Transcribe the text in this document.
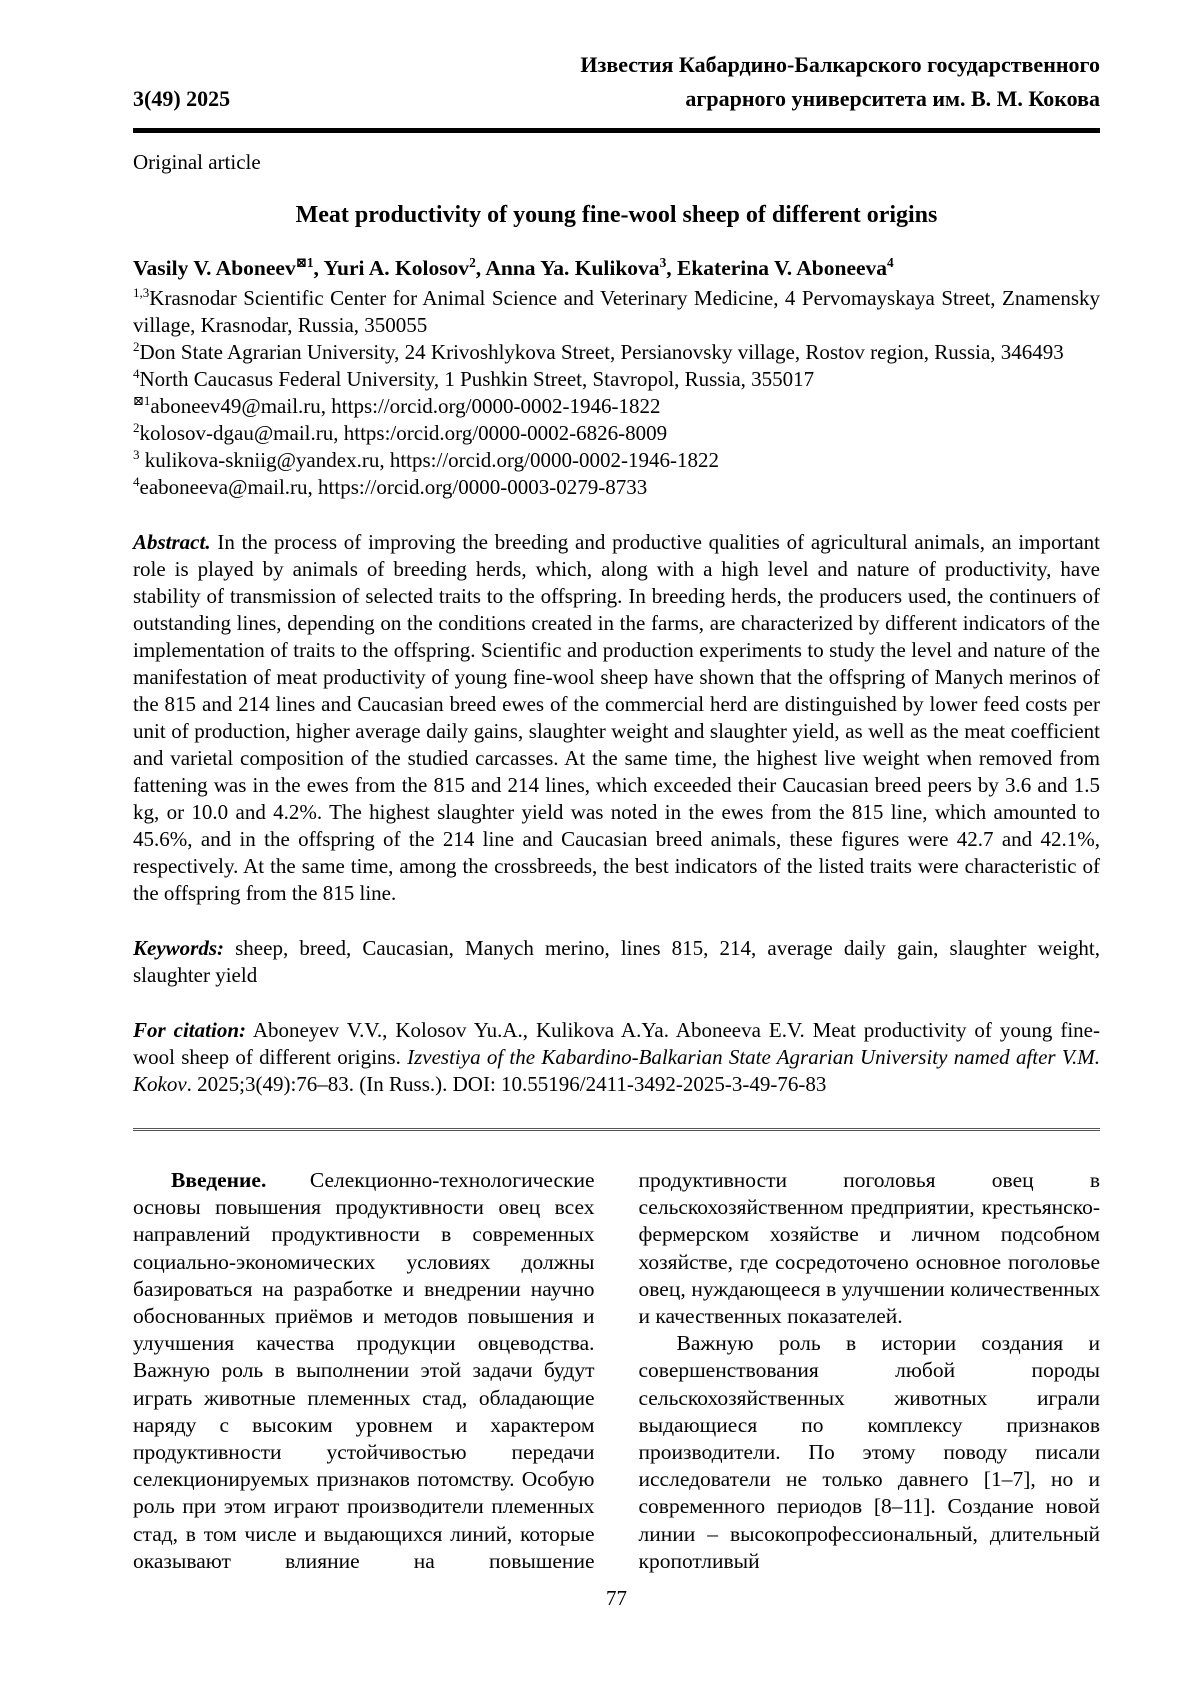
3(49) 2025
Известия Кабардино-Балкарского государственного
аграрного университета им. В. М. Кокова
Original article
Meat productivity of young fine-wool sheep of different origins

Vasily V. Aboneev$^{⊠1}$, Yuri A. Kolosov$^2$, Anna Ya. Kulikova$^3$, Ekaterina V. Aboneeva$^4$

$^{1,3}$Krasnodar Scientific Center for Animal Science and Veterinary Medicine, 4 Pervomayskaya Street, Znamensky village, Krasnodar, Russia, 350055

$^2$Don State Agrarian University, 24 Krivoshlykova Street, Persianovsky village, Rostov region, Russia, 346493

$^4$North Caucasus Federal University, 1 Pushkin Street, Stavropol, Russia, 355017

$^{⊠1}$aboneev49@mail.ru, https://orcid.org/0000-0002-1946-1822

$^2$kolosov-dgau@mail.ru, https:/orcid.org/0000-0002-6826-8009

$^3$ kulikova-skniig@yandex.ru, https://orcid.org/0000-0002-1946-1822

$^4$eaboneeva@mail.ru, https://orcid.org/0000-0003-0279-8733

Abstract. In the process of improving the breeding and productive qualities of agricultural animals, an important role is played by animals of breeding herds, which, along with a high level and nature of productivity, have stability of transmission of selected traits to the offspring. In breeding herds, the producers used, the continuers of outstanding lines, depending on the conditions created in the farms, are characterized by different indicators of the implementation of traits to the offspring. Scientific and production experiments to study the level and nature of the manifestation of meat productivity of young fine-wool sheep have shown that the offspring of Manych merinos of the 815 and 214 lines and Caucasian breed ewes of the commercial herd are distinguished by lower feed costs per unit of production, higher average daily gains, slaughter weight and slaughter yield, as well as the meat coefficient and varietal composition of the studied carcasses. At the same time, the highest live weight when removed from fattening was in the ewes from the 815 and 214 lines, which exceeded their Caucasian breed peers by 3.6 and 1.5 kg, or 10.0 and 4.2%. The highest slaughter yield was noted in the ewes from the 815 line, which amounted to 45.6%, and in the offspring of the 214 line and Caucasian breed animals, these figures were 42.7 and 42.1%, respectively. At the same time, among the crossbreeds, the best indicators of the listed traits were characteristic of the offspring from the 815 line.

Keywords: sheep, breed, Caucasian, Manych merino, lines 815, 214, average daily gain, slaughter weight, slaughter yield

For citation: Aboneyev V.V., Kolosov Yu.A., Kulikova A.Ya. Aboneeva E.V. Meat productivity of young fine-wool sheep of different origins. Izvestiya of the Kabardino-Balkarian State Agrarian University named after V.M. Kokov. 2025;3(49):76–83. (In Russ.). DOI: 10.55196/2411-3492-2025-3-49-76-83

Введение. Селекционно-технологические основы повышения продуктивности овец всех направлений продуктивности в современных социально-экономических условиях должны базироваться на разработке и внедрении научно обоснованных приёмов и методов повышения и улучшения качества продукции овцеводства. Важную роль в выполнении этой задачи будут играть животные племенных стад, обладающие наряду с высоким уровнем и характером продуктивности устойчивостью передачи селекционируемых признаков потомству. Особую роль при этом играют производители племенных стад, в том числе и выдающихся линий, которые оказывают влияние на повышение продуктивности поголовья овец в сельскохозяйственном предприятии, крестьянско-фермерском хозяйстве и личном подсобном хозяйстве, где сосредоточено основное поголовье овец, нуждающееся в улучшении количественных и качественных показателей.

Важную роль в истории создания и совершенствования любой породы сельскохозяйственных животных играли выдающиеся по комплексу признаков производители. По этому поводу писали исследователи не только давнего [1–7], но и современного периодов [8–11]. Создание новой линии – высокопрофессиональный, длительный кропотливый

77
